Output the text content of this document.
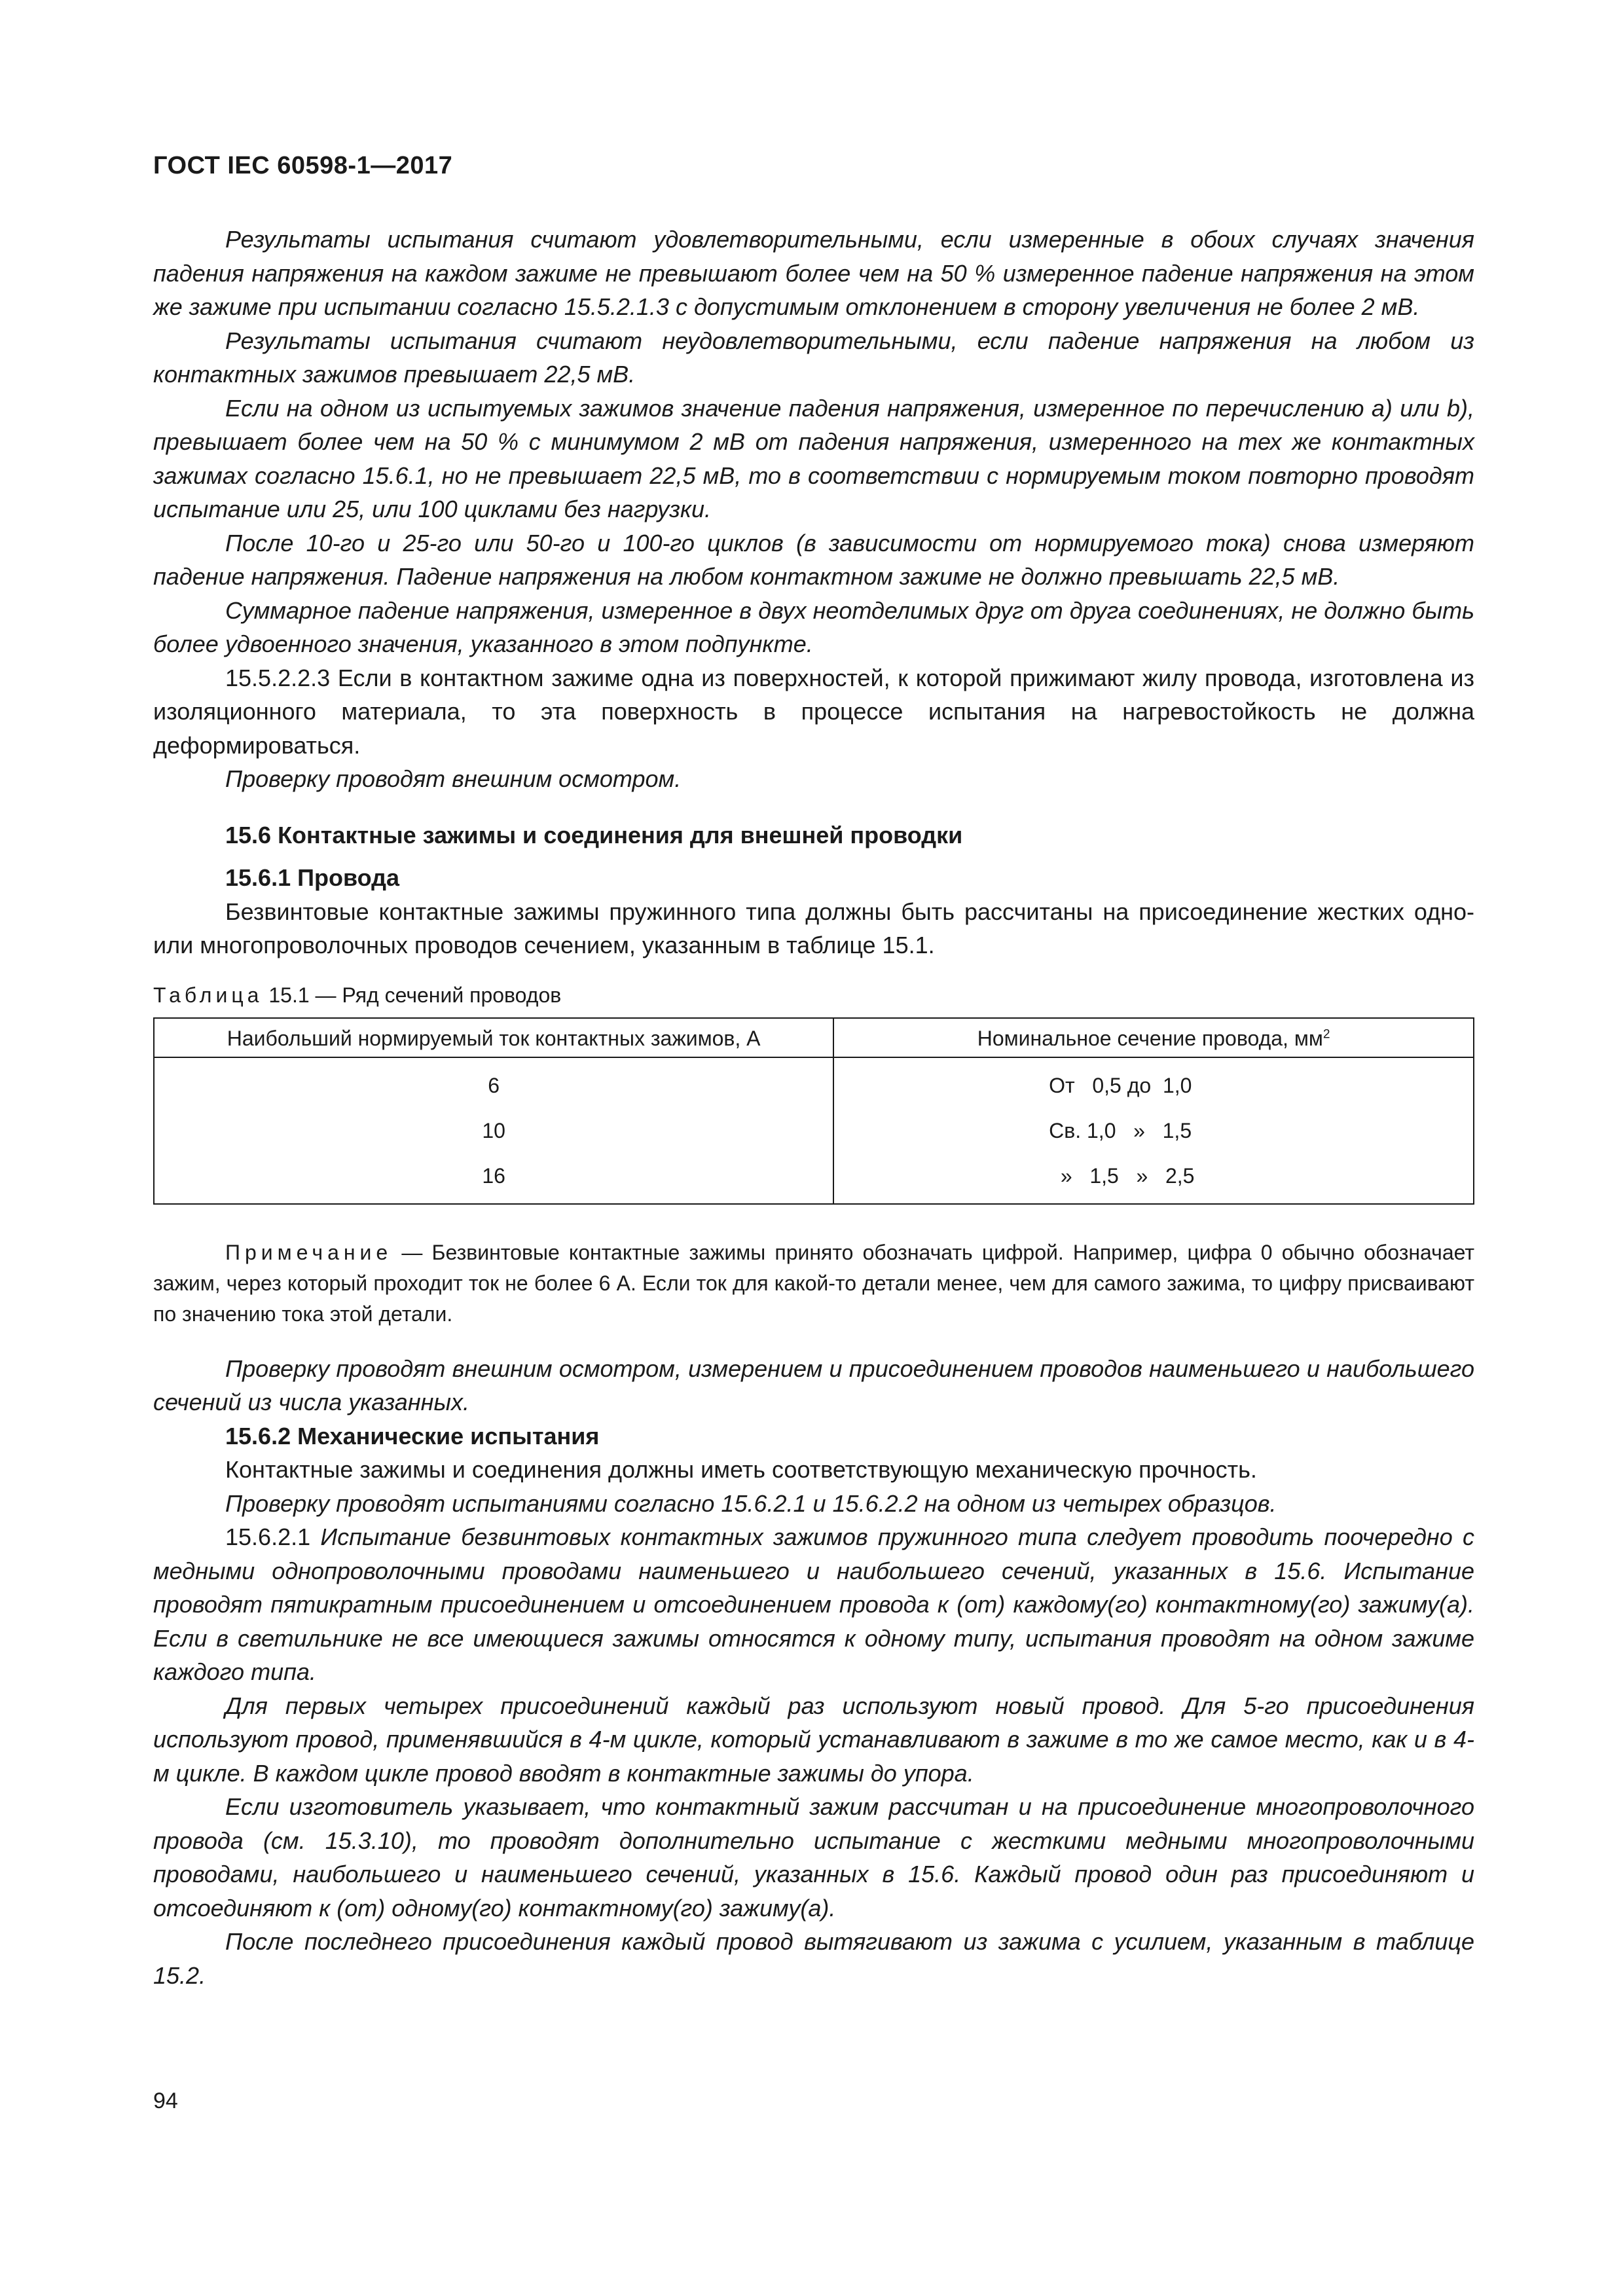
ГОСТ IEC 60598-1—2017

Результаты испытания считают удовлетворительными, если измеренные в обоих случаях значения падения напряжения на каждом зажиме не превышают более чем на 50 % измеренное падение напряжения на этом же зажиме при испытании согласно 15.5.2.1.3 с допустимым отклонением в сторону увеличения не более 2 мВ.

Результаты испытания считают неудовлетворительными, если падение напряжения на любом из контактных зажимов превышает 22,5 мВ.

Если на одном из испытуемых зажимов значение падения напряжения, измеренное по перечислению а) или b), превышает более чем на 50 % с минимумом 2 мВ от падения напряжения, измеренного на тех же контактных зажимах согласно 15.6.1, но не превышает 22,5 мВ, то в соответствии с нормируемым током повторно проводят испытание или 25, или 100 циклами без нагрузки.

После 10-го и 25-го или 50-го и 100-го циклов (в зависимости от нормируемого тока) снова измеряют падение напряжения. Падение напряжения на любом контактном зажиме не должно превышать 22,5 мВ.

Суммарное падение напряжения, измеренное в двух неотделимых друг от друга соединениях, не должно быть более удвоенного значения, указанного в этом подпункте.

15.5.2.2.3 Если в контактном зажиме одна из поверхностей, к которой прижимают жилу провода, изготовлена из изоляционного материала, то эта поверхность в процессе испытания на нагревостойкость не должна деформироваться.

Проверку проводят внешним осмотром.

15.6 Контактные зажимы и соединения для внешней проводки

15.6.1 Провода

Безвинтовые контактные зажимы пружинного типа должны быть рассчитаны на присоединение жестких одно- или многопроволочных проводов сечением, указанным в таблице 15.1.

Таблица 15.1 — Ряд сечений проводов
Наибольший нормируемый ток контактных зажимов, А	Номинальное сечение провода, $мм^2$
6	От   0,5 до  1,0
10	Св. 1,0   »   1,5
16	»   1,5   »   2,5
Примечание — Безвинтовые контактные зажимы принято обозначать цифрой. Например, цифра 0 обычно обозначает зажим, через который проходит ток не более 6 А. Если ток для какой-то детали менее, чем для самого зажима, то цифру присваивают по значению тока этой детали.

Проверку проводят внешним осмотром, измерением и присоединением проводов наименьшего и наибольшего сечений из числа указанных.

15.6.2 Механические испытания

Контактные зажимы и соединения должны иметь соответствующую механическую прочность.

Проверку проводят испытаниями согласно 15.6.2.1 и 15.6.2.2 на одном из четырех образцов.

15.6.2.1 Испытание безвинтовых контактных зажимов пружинного типа следует проводить поочередно с медными однопроволочными проводами наименьшего и наибольшего сечений, указанных в 15.6. Испытание проводят пятикратным присоединением и отсоединением провода к (от) каждому(го) контактному(го) зажиму(а). Если в светильнике не все имеющиеся зажимы относятся к одному типу, испытания проводят на одном зажиме каждого типа.

Для первых четырех присоединений каждый раз используют новый провод. Для 5-го присоединения используют провод, применявшийся в 4-м цикле, который устанавливают в зажиме в то же самое место, как и в 4-м цикле. В каждом цикле провод вводят в контактные зажимы до упора.

Если изготовитель указывает, что контактный зажим рассчитан и на присоединение многопроволочного провода (см. 15.3.10), то проводят дополнительно испытание с жесткими медными многопроволочными проводами, наибольшего и наименьшего сечений, указанных в 15.6. Каждый провод один раз присоединяют и отсоединяют к (от) одному(го) контактному(го) зажиму(а).

После последнего присоединения каждый провод вытягивают из зажима с усилием, указанным в таблице 15.2.

94
